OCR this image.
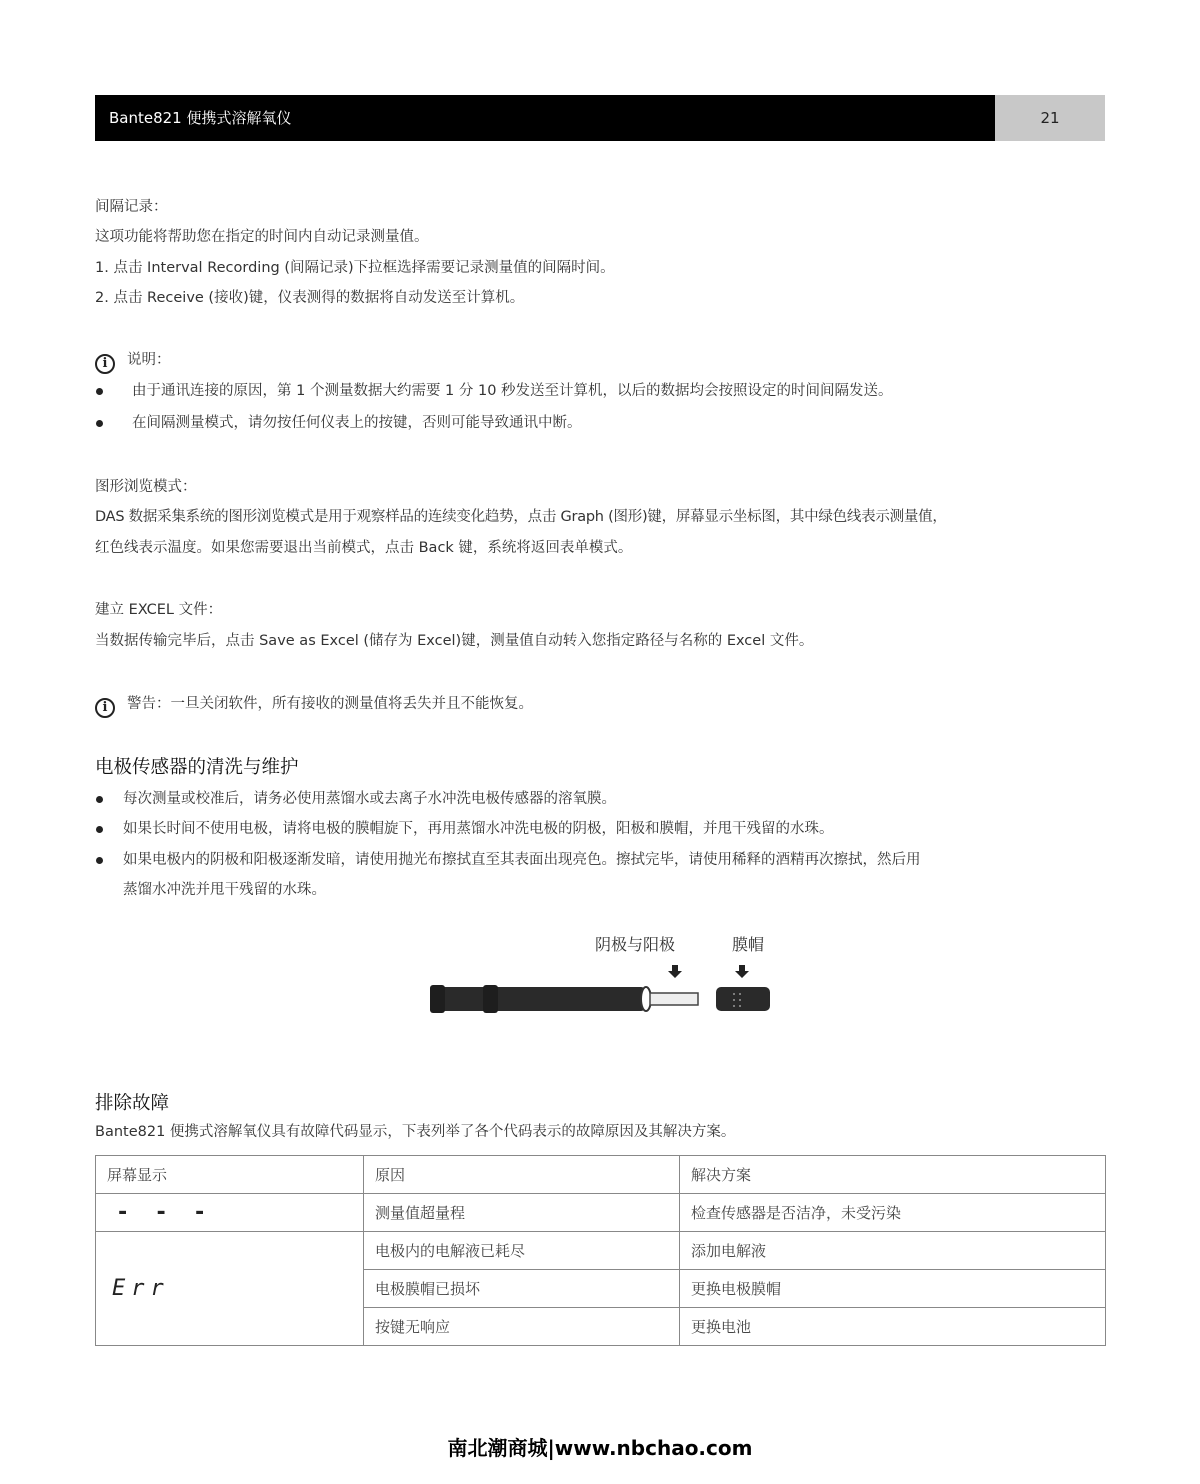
Bante821 便携式溶解氧仪	21
间隔记录：
这项功能将帮助您在指定的时间内自动记录测量值。
1. 点击 Interval Recording (间隔记录)下拉框选择需要记录测量值的间隔时间。
2. 点击 Receive (接收)键，仪表测得的数据将自动发送至计算机。
i 说明：
由于通讯连接的原因，第 1 个测量数据大约需要 1 分 10 秒发送至计算机，以后的数据均会按照设定的时间间隔发送。
在间隔测量模式，请勿按任何仪表上的按键，否则可能导致通讯中断。
图形浏览模式：
DAS 数据采集系统的图形浏览模式是用于观察样品的连续变化趋势，点击 Graph (图形)键，屏幕显示坐标图，其中绿色线表示测量值，
红色线表示温度。如果您需要退出当前模式，点击 Back 键，系统将返回表单模式。
建立 EXCEL 文件：
当数据传输完毕后，点击 Save as Excel (储存为 Excel)键，测量值自动转入您指定路径与名称的 Excel 文件。
i 警告：一旦关闭软件，所有接收的测量值将丢失并且不能恢复。
电极传感器的清洗与维护
每次测量或校准后，请务必使用蒸馏水或去离子水冲洗电极传感器的溶氧膜。
如果长时间不使用电极，请将电极的膜帽旋下，再用蒸馏水冲洗电极的阴极，阳极和膜帽，并甩干残留的水珠。
如果电极内的阴极和阳极逐渐发暗，请使用抛光布擦拭直至其表面出现亮色。擦拭完毕，请使用稀释的酒精再次擦拭，然后用
蒸馏水冲洗并甩干残留的水珠。
阴极与阳极	膜帽
排除故障
Bante821 便携式溶解氧仪具有故障代码显示，下表列举了各个代码表示的故障原因及其解决方案。
屏幕显示	原因	解决方案
- - -	测量值超量程	检查传感器是否洁净，未受污染
Err	电极内的电解液已耗尽	添加电解液
	电极膜帽已损坏	更换电极膜帽
	按键无响应	更换电池
南北潮商城|www.nbchao.com
